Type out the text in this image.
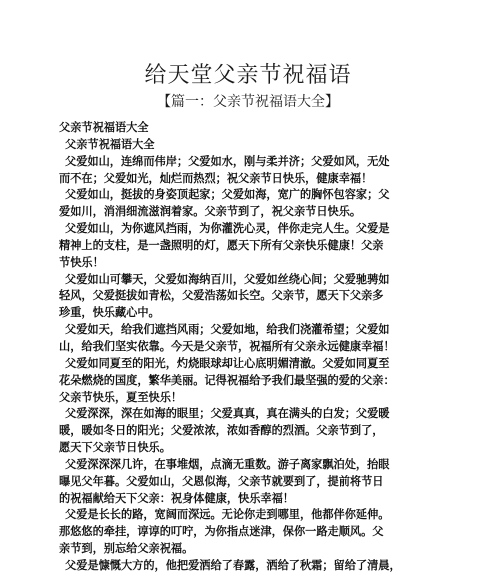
给天堂父亲节祝福语
【篇一：父亲节祝福语大全】
父亲节祝福语大全
父亲节祝福语大全
父爱如山，连绵而伟岸；父爱如水，刚与柔并济；父爱如风，无处
而不在；父爱如光，灿烂而热烈；祝父亲节日快乐，健康幸福！
父爱如山，挺拔的身姿顶起家；父爱如海，宽广的胸怀包容家；父
爱如川，消涓细流滋润着家。父亲节到了，祝父亲节日快乐。
父爱如山，为你遮风挡雨，为你灌洗心灵，伴你走完人生。父爱是
精神上的支柱，是一盏照明的灯，愿天下所有父亲快乐健康！父亲
节快乐！
父爱如山可攀天，父爱如海纳百川，父爱如丝绕心间；父爱驰骋如
轻风，父爱挺拔如青松，父爱浩荡如长空。父亲节，愿天下父亲多
珍重，快乐藏心中。
父爱如天，给我们遮挡风雨；父爱如地，给我们浇灌希望；父爱如
山，给我们坚实依靠。今天是父亲节，祝福所有父亲永远健康幸福！
父爱如同夏至的阳光，灼烧眼球却让心底明媚清澈。父爱如同夏至
花朵燃烧的国度，繁华美丽。记得祝福给予我们最坚强的爱的父亲：
父亲节快乐，夏至快乐！
父爱深深，深在如海的眼里；父爱真真，真在满头的白发；父爱暖
暖，暖如冬日的阳光；父爱浓浓，浓如香醇的烈酒。父亲节到了，
愿天下父亲节日快乐。
父爱深深深几许，在事堆烟，点滴无重数。游子离家飘泊处，抬眼
曝见父年暮。父爱如山，父恩似海，父亲节就要到了，提前将节日
的祝福献给天下父亲：祝身体健康，快乐幸福！
父爱是长长的路，宽阔而深远。无论你走到哪里，他都伴你延伸。
那悠悠的牵挂，谆谆的叮咛，为你指点迷津，保你一路走顺风。父
亲节到，别忘给父亲祝福。
父爱是慷慨大方的，他把爱洒给了春露，洒给了秋霜；留给了清晨，
